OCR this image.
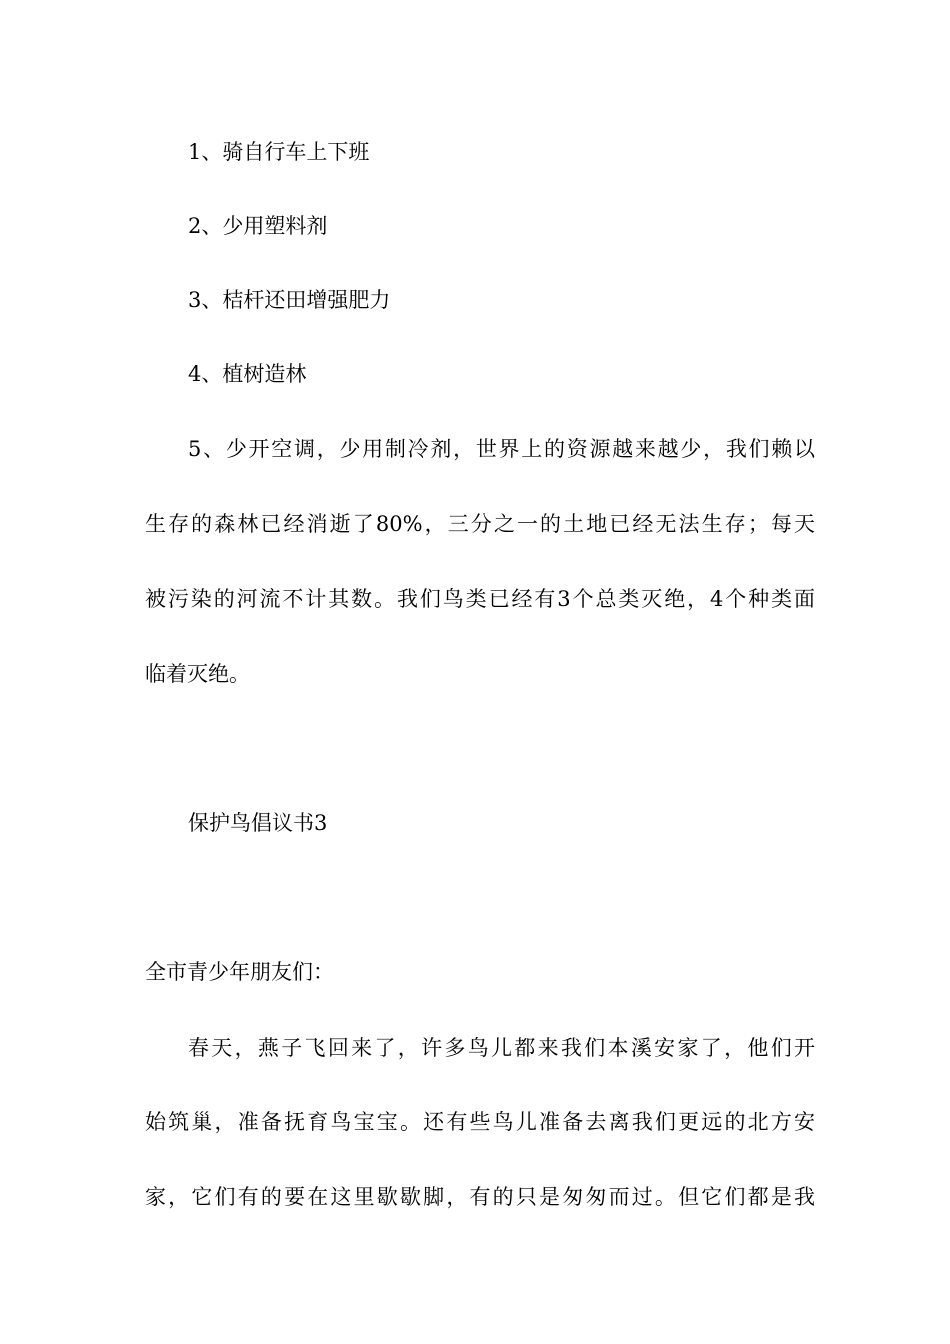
1、骑自行车上下班
2、少用塑料剂
3、桔杆还田增强肥力
4、植树造林
5、少开空调，少用制冷剂，世界上的资源越来越少，我们赖以
生存的森林已经消逝了80%，三分之一的土地已经无法生存；每天
被污染的河流不计其数。我们鸟类已经有3个总类灭绝，4个种类面
临着灭绝。
保护鸟倡议书3
全市青少年朋友们：
春天，燕子飞回来了，许多鸟儿都来我们本溪安家了，他们开
始筑巢，准备抚育鸟宝宝。还有些鸟儿准备去离我们更远的北方安
家，它们有的要在这里歇歇脚，有的只是匆匆而过。但它们都是我
